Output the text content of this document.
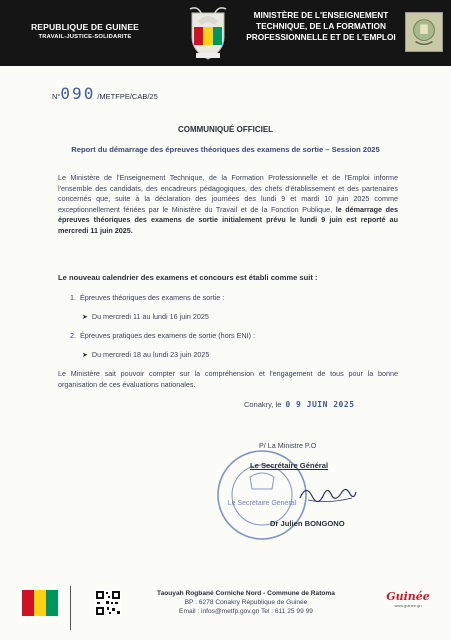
REPUBLIQUE DE GUINEE
TRAVAIL-JUSTICE-SOLIDARITE
MINISTÈRE DE L'ENSEIGNEMENT
TECHNIQUE, DE LA FORMATION
PROFESSIONNELLE ET DE L'EMPLOI
N° 090 /METFPE/CAB/25
COMMUNIQUÉ OFFICIEL
Report du démarrage des épreuves théoriques des examens de sortie – Session 2025
Le Ministère de l'Enseignement Technique, de la Formation Professionnelle et de l'Emploi informe l'ensemble des candidats, des encadreurs pédagogiques, des chefs d'établissement et des partenaires concernés que, suite à la déclaration des journées des lundi 9 et mardi 10 juin 2025 comme exceptionnellement fériées par le Ministère du Travail et de la Fonction Publique, le démarrage des épreuves théoriques des examens de sortie initialement prévu le lundi 9 juin est reporté au mercredi 11 juin 2025.
Le nouveau calendrier des examens et concours est établi comme suit :
1. Épreuves théoriques des examens de sortie :
➤ Du mercredi 11 au lundi 16 juin 2025
2. Épreuves pratiques des examens de sortie (hors ENI) :
➤ Du mercredi 18 au lundi 23 juin 2025
Le Ministère sait pouvoir compter sur la compréhension et l'engagement de tous pour la bonne organisation de ces évaluations nationales.
Conakry, le 0 9 JUIN 2025
Le Secrétaire Général
P/ La Ministre P.O
Le Secrétaire Général
Dr Julien BONGONO
Taouyah Rogbané Corniche Nord - Commune de Ratoma
BP : 6278 Conakry République de Guinée
Email : infos@metfp.gov.gn Tel : 611 25 99 99
Guinée
www.guinee.gn
